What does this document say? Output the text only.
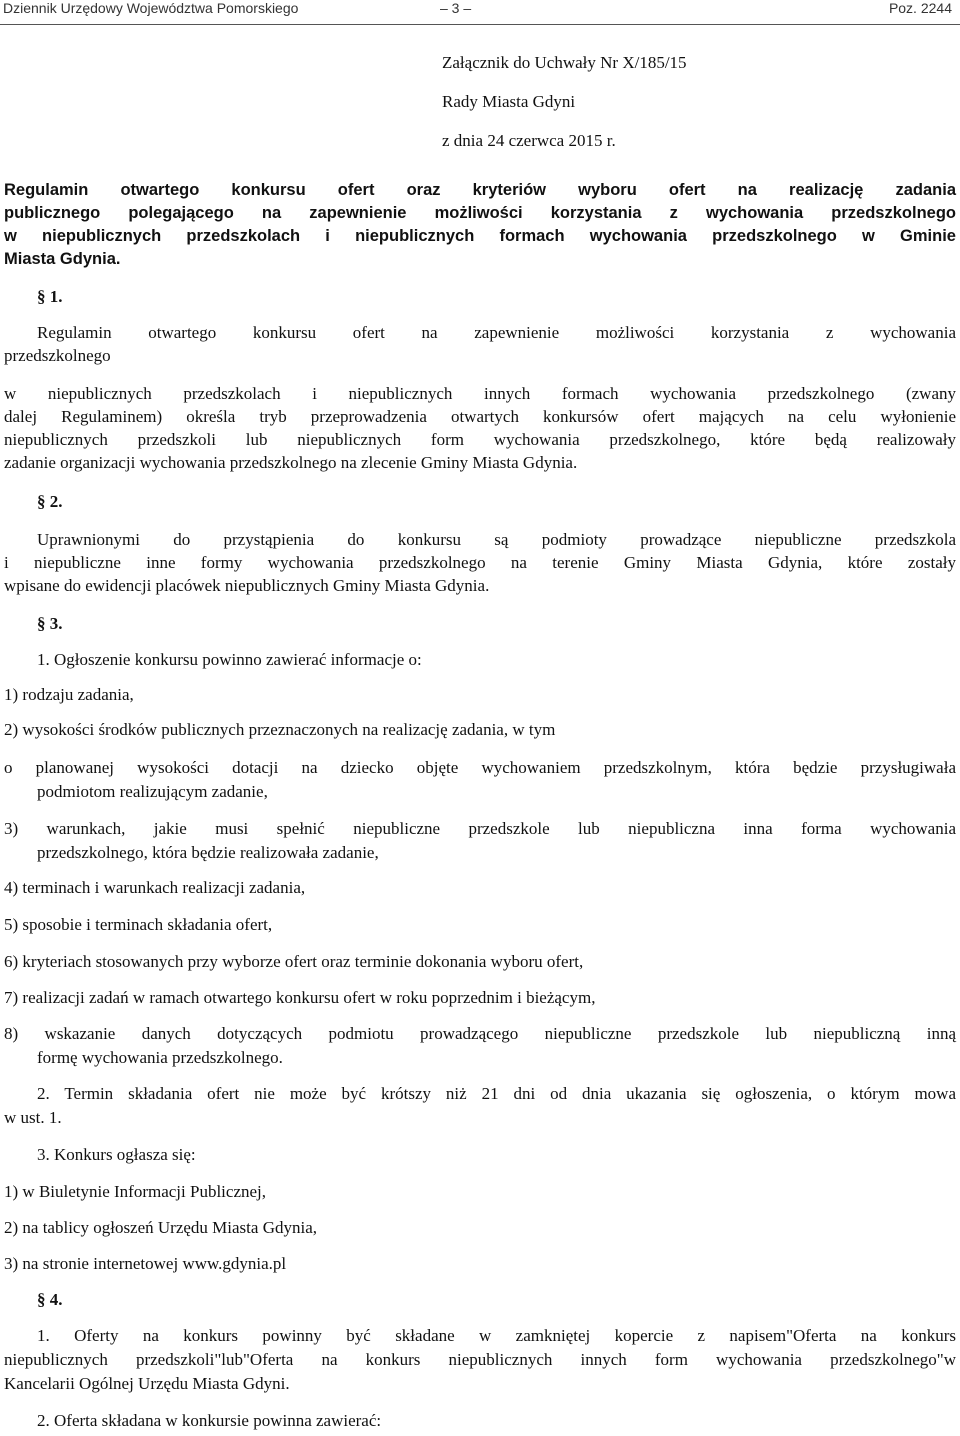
Dziennik Urzędowy Województwa Pomorskiego	– 3 –	Poz. 2244
Załącznik do Uchwały Nr X/185/15
Rady Miasta Gdyni
z dnia 24 czerwca 2015 r.
Regulamin otwartego konkursu ofert oraz kryteriów wyboru ofert na realizację zadania
publicznego polegającego na zapewnienie możliwości korzystania z wychowania przedszkolnego
w niepublicznych przedszkolach i niepublicznych formach wychowania przedszkolnego w Gminie
Miasta Gdynia.
§ 1.
Regulamin otwartego konkursu ofert na zapewnienie możliwości korzystania z wychowania
przedszkolnego
w niepublicznych przedszkolach i niepublicznych innych formach wychowania przedszkolnego (zwany
dalej Regulaminem) określa tryb przeprowadzenia otwartych konkursów ofert mających na celu wyłonienie
niepublicznych przedszkoli lub niepublicznych form wychowania przedszkolnego, które będą realizowały
zadanie organizacji wychowania przedszkolnego na zlecenie Gminy Miasta Gdynia.
§ 2.
Uprawnionymi do przystąpienia do konkursu są podmioty prowadzące niepubliczne przedszkola
i niepubliczne inne formy wychowania przedszkolnego na terenie Gminy Miasta Gdynia, które zostały
wpisane do ewidencji placówek niepublicznych Gminy Miasta Gdynia.
§ 3.
1. Ogłoszenie konkursu powinno zawierać informacje o:
1) rodzaju zadania,
2) wysokości środków publicznych przeznaczonych na realizację zadania, w tym
o planowanej wysokości dotacji na dziecko objęte wychowaniem przedszkolnym, która będzie przysługiwała
podmiotom realizującym zadanie,
3) warunkach, jakie musi spełnić niepubliczne przedszkole lub niepubliczna inna forma wychowania
przedszkolnego, która będzie realizowała zadanie,
4) terminach i warunkach realizacji zadania,
5) sposobie i terminach składania ofert,
6) kryteriach stosowanych przy wyborze ofert oraz terminie dokonania wyboru ofert,
7) realizacji zadań w ramach otwartego konkursu ofert w roku poprzednim i bieżącym,
8) wskazanie danych dotyczących podmiotu prowadzącego niepubliczne przedszkole lub niepubliczną inną
formę wychowania przedszkolnego.
2. Termin składania ofert nie może być krótszy niż 21 dni od dnia ukazania się ogłoszenia, o którym mowa
w ust. 1.
3. Konkurs ogłasza się:
1) w Biuletynie Informacji Publicznej,
2) na tablicy ogłoszeń Urzędu Miasta Gdynia,
3) na stronie internetowej www.gdynia.pl
§ 4.
1. Oferty na konkurs powinny być składane w zamkniętej kopercie z napisem"Oferta na konkurs
niepublicznych przedszkoli"lub"Oferta na konkurs niepublicznych innych form wychowania przedszkolnego"w
Kancelarii Ogólnej Urzędu Miasta Gdyni.
2. Oferta składana w konkursie powinna zawierać:
